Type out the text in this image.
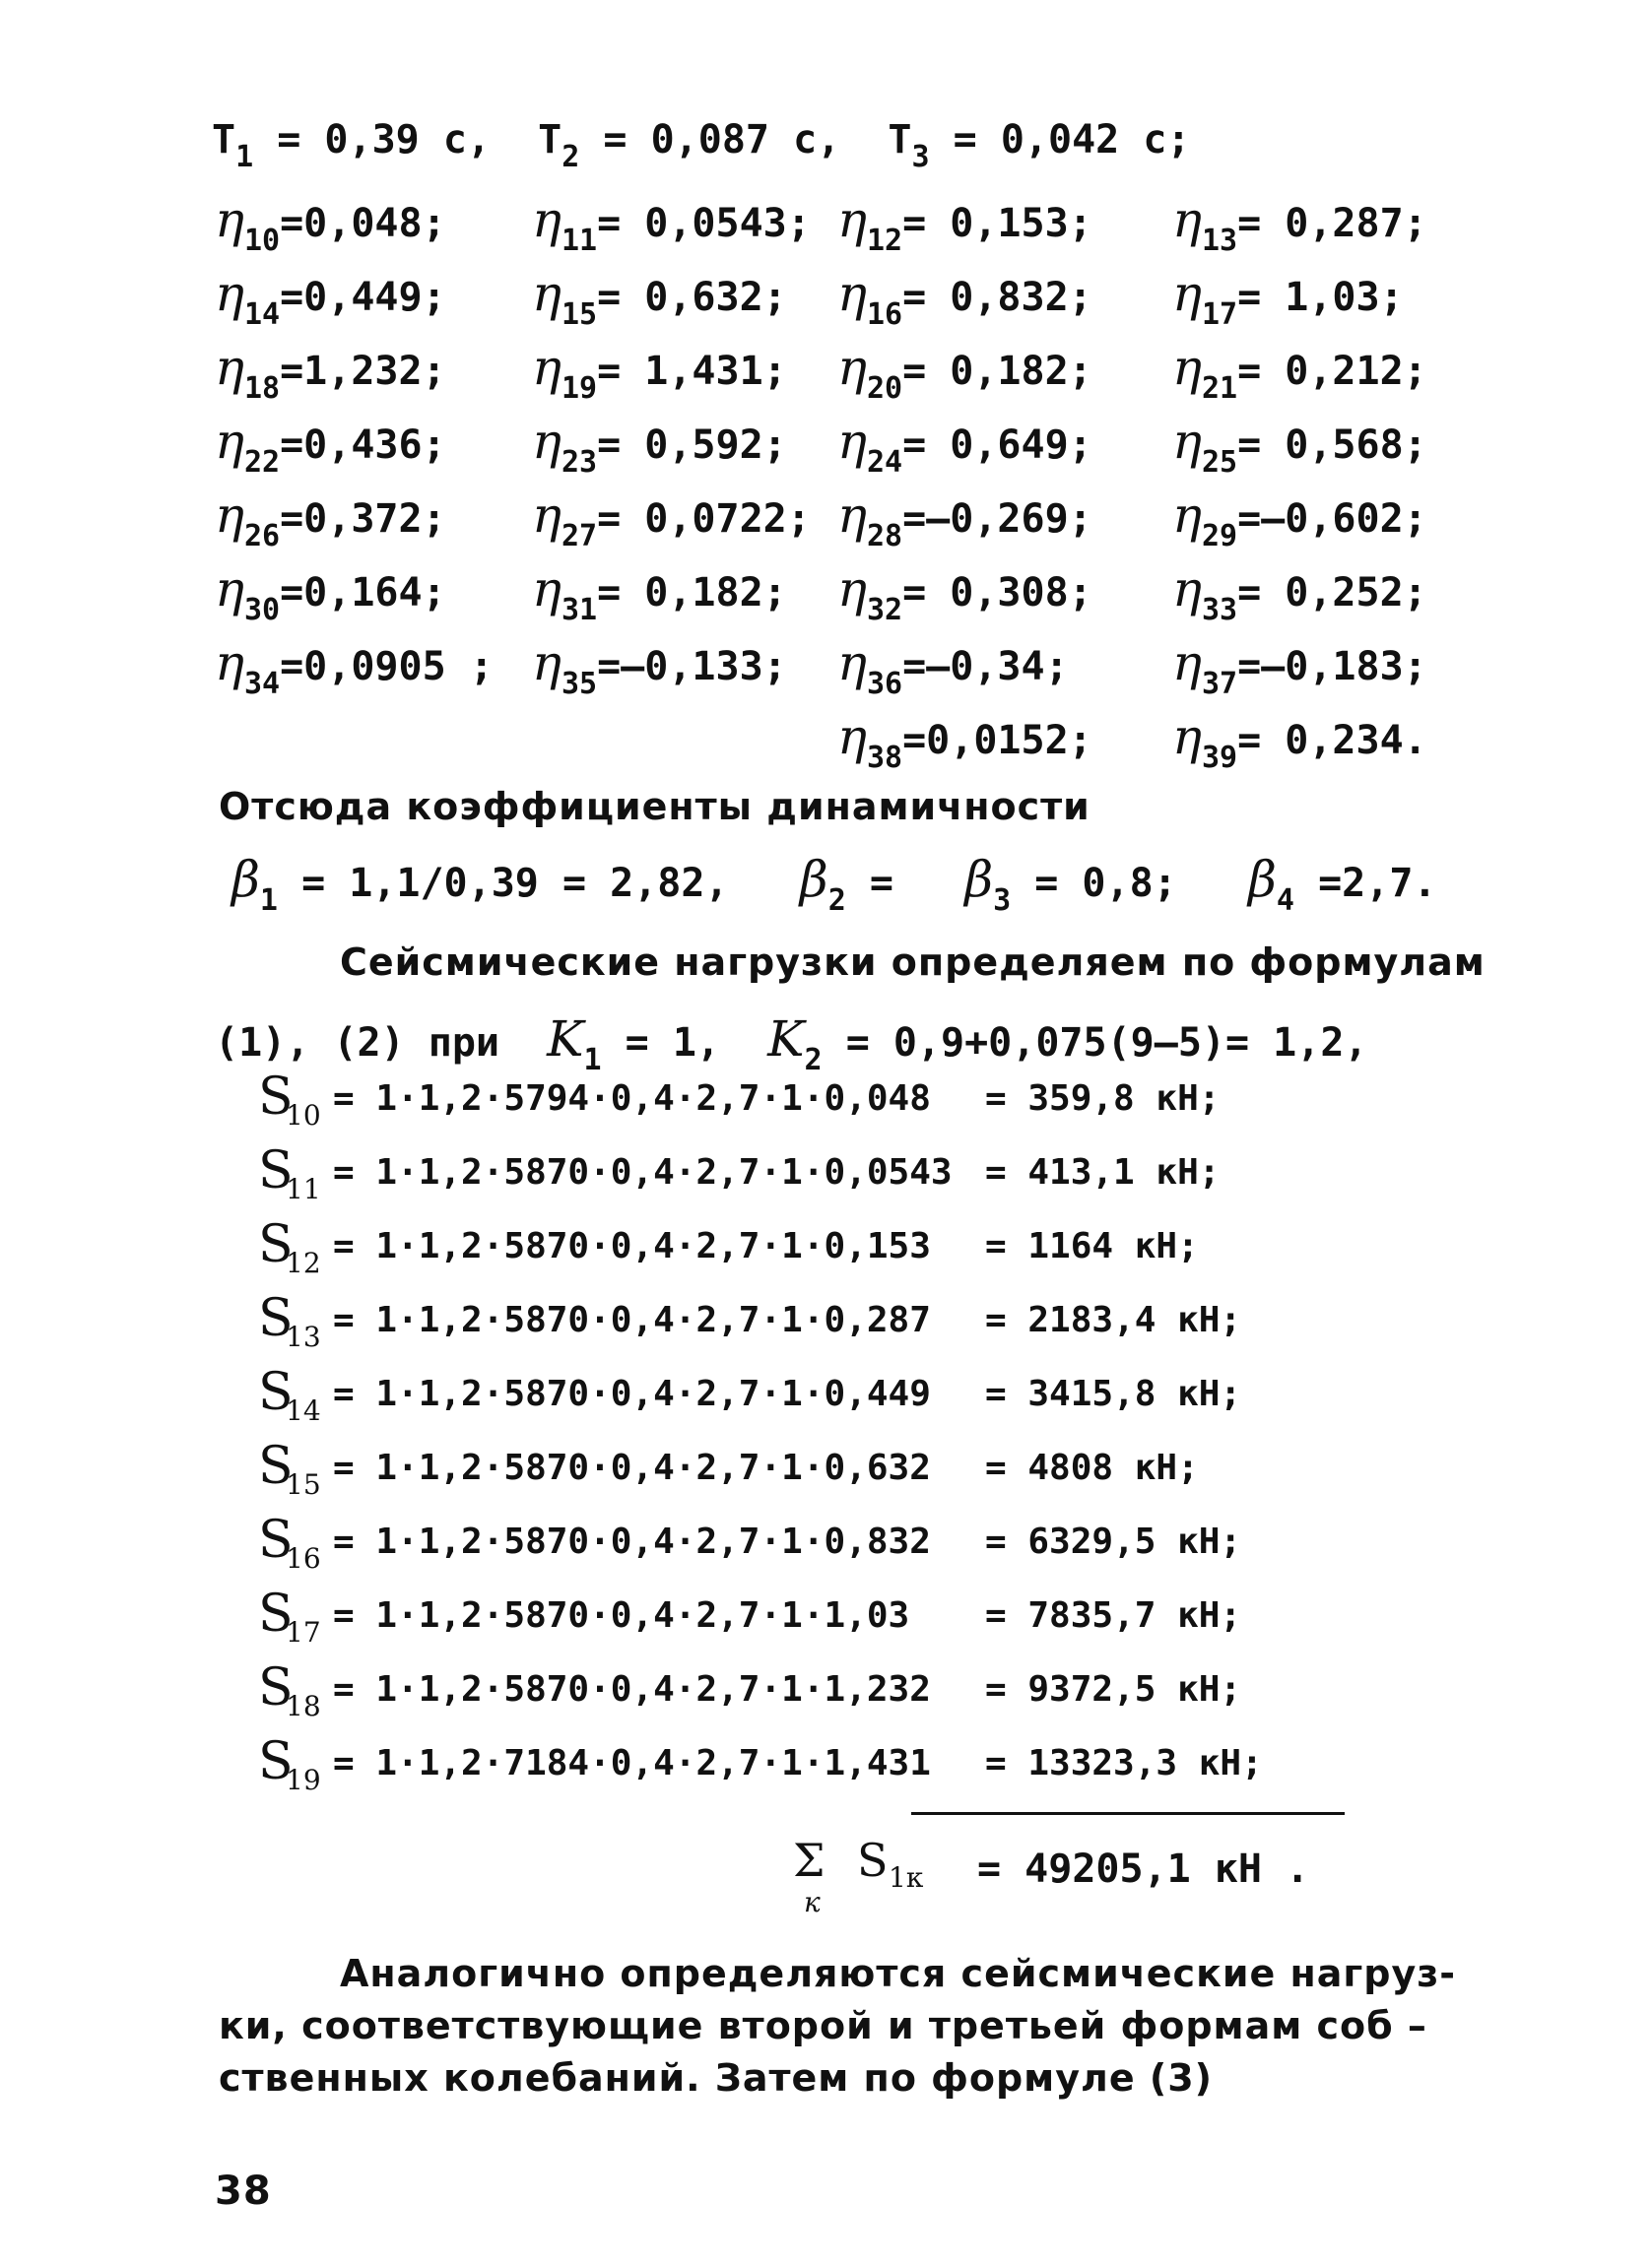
$T_1 = 0,39$ c, $T_2 = 0,087$ c, $T_3 = 0,042$ c;
$\eta_{10}=0,048$; $\eta_{11}= 0,0543$; $\eta_{12}= 0,153$; $\eta_{13}= 0,287$;
$\eta_{14}=0,449$; $\eta_{15}= 0,632$; $\eta_{16}= 0,832$; $\eta_{17}= 1,03$;
$\eta_{18}=1,232$; $\eta_{19}= 1,431$; $\eta_{20}= 0,182$; $\eta_{21}= 0,212$;
$\eta_{22}=0,436$; $\eta_{23}= 0,592$; $\eta_{24}= 0,649$; $\eta_{25}= 0,568$;
$\eta_{26}=0,372$; $\eta_{27}= 0,0722$; $\eta_{28}=-0,269$; $\eta_{29}=-0,602$;
$\eta_{30}=0,164$; $\eta_{31}= 0,182$; $\eta_{32}= 0,308$; $\eta_{33}= 0,252$;
$\eta_{34}=0,0905$ ; $\eta_{35}=-0,133$; $\eta_{36}=-0,34$; $\eta_{37}=-0,183$;
$\eta_{38}=0,0152$; $\eta_{39}= 0,234$.
Отсюда коэффициенты динамичности
$\beta_1 = 1,1/0,39 = 2,82$, $\beta_2 = \beta_3 = 0,8$; $\beta_4 =2,7$.
Сейсмические нагрузки определяем по формулам
(1), (2) при $K_1 = 1$, $K_2 = 0,9+0,075(9-5)= 1,2$,
S
10 = 1·1,2·5794·0,4·2,7·1·0,048 = 359,8 кН;
S
11 = 1·1,2·5870·0,4·2,7·1·0,0543 = 413,1 кН;
S
12 = 1·1,2·5870·0,4·2,7·1·0,153 = 1164 кН;
S
13 = 1·1,2·5870·0,4·2,7·1·0,287 = 2183,4 кН;
S
14 = 1·1,2·5870·0,4·2,7·1·0,449 = 3415,8 кН;
S
15 = 1·1,2·5870·0,4·2,7·1·0,632 = 4808 кН;
S
16 = 1·1,2·5870·0,4·2,7·1·0,832 = 6329,5 кН;
S
17 = 1·1,2·5870·0,4·2,7·1·1,03 = 7835,7 кН;
S
18 = 1·1,2·5870·0,4·2,7·1·1,232 = 9372,5 кН;
S
19 = 1·1,2·7184·0,4·2,7·1·1,431 = 13323,3 кН;
Σ
к
S 1к = 49205,1 кН .
Аналогично определяются сейсмические нагруз-
ки, соответствующие второй и третьей формам соб –
ственных колебаний. Затем по формуле (3)
38
